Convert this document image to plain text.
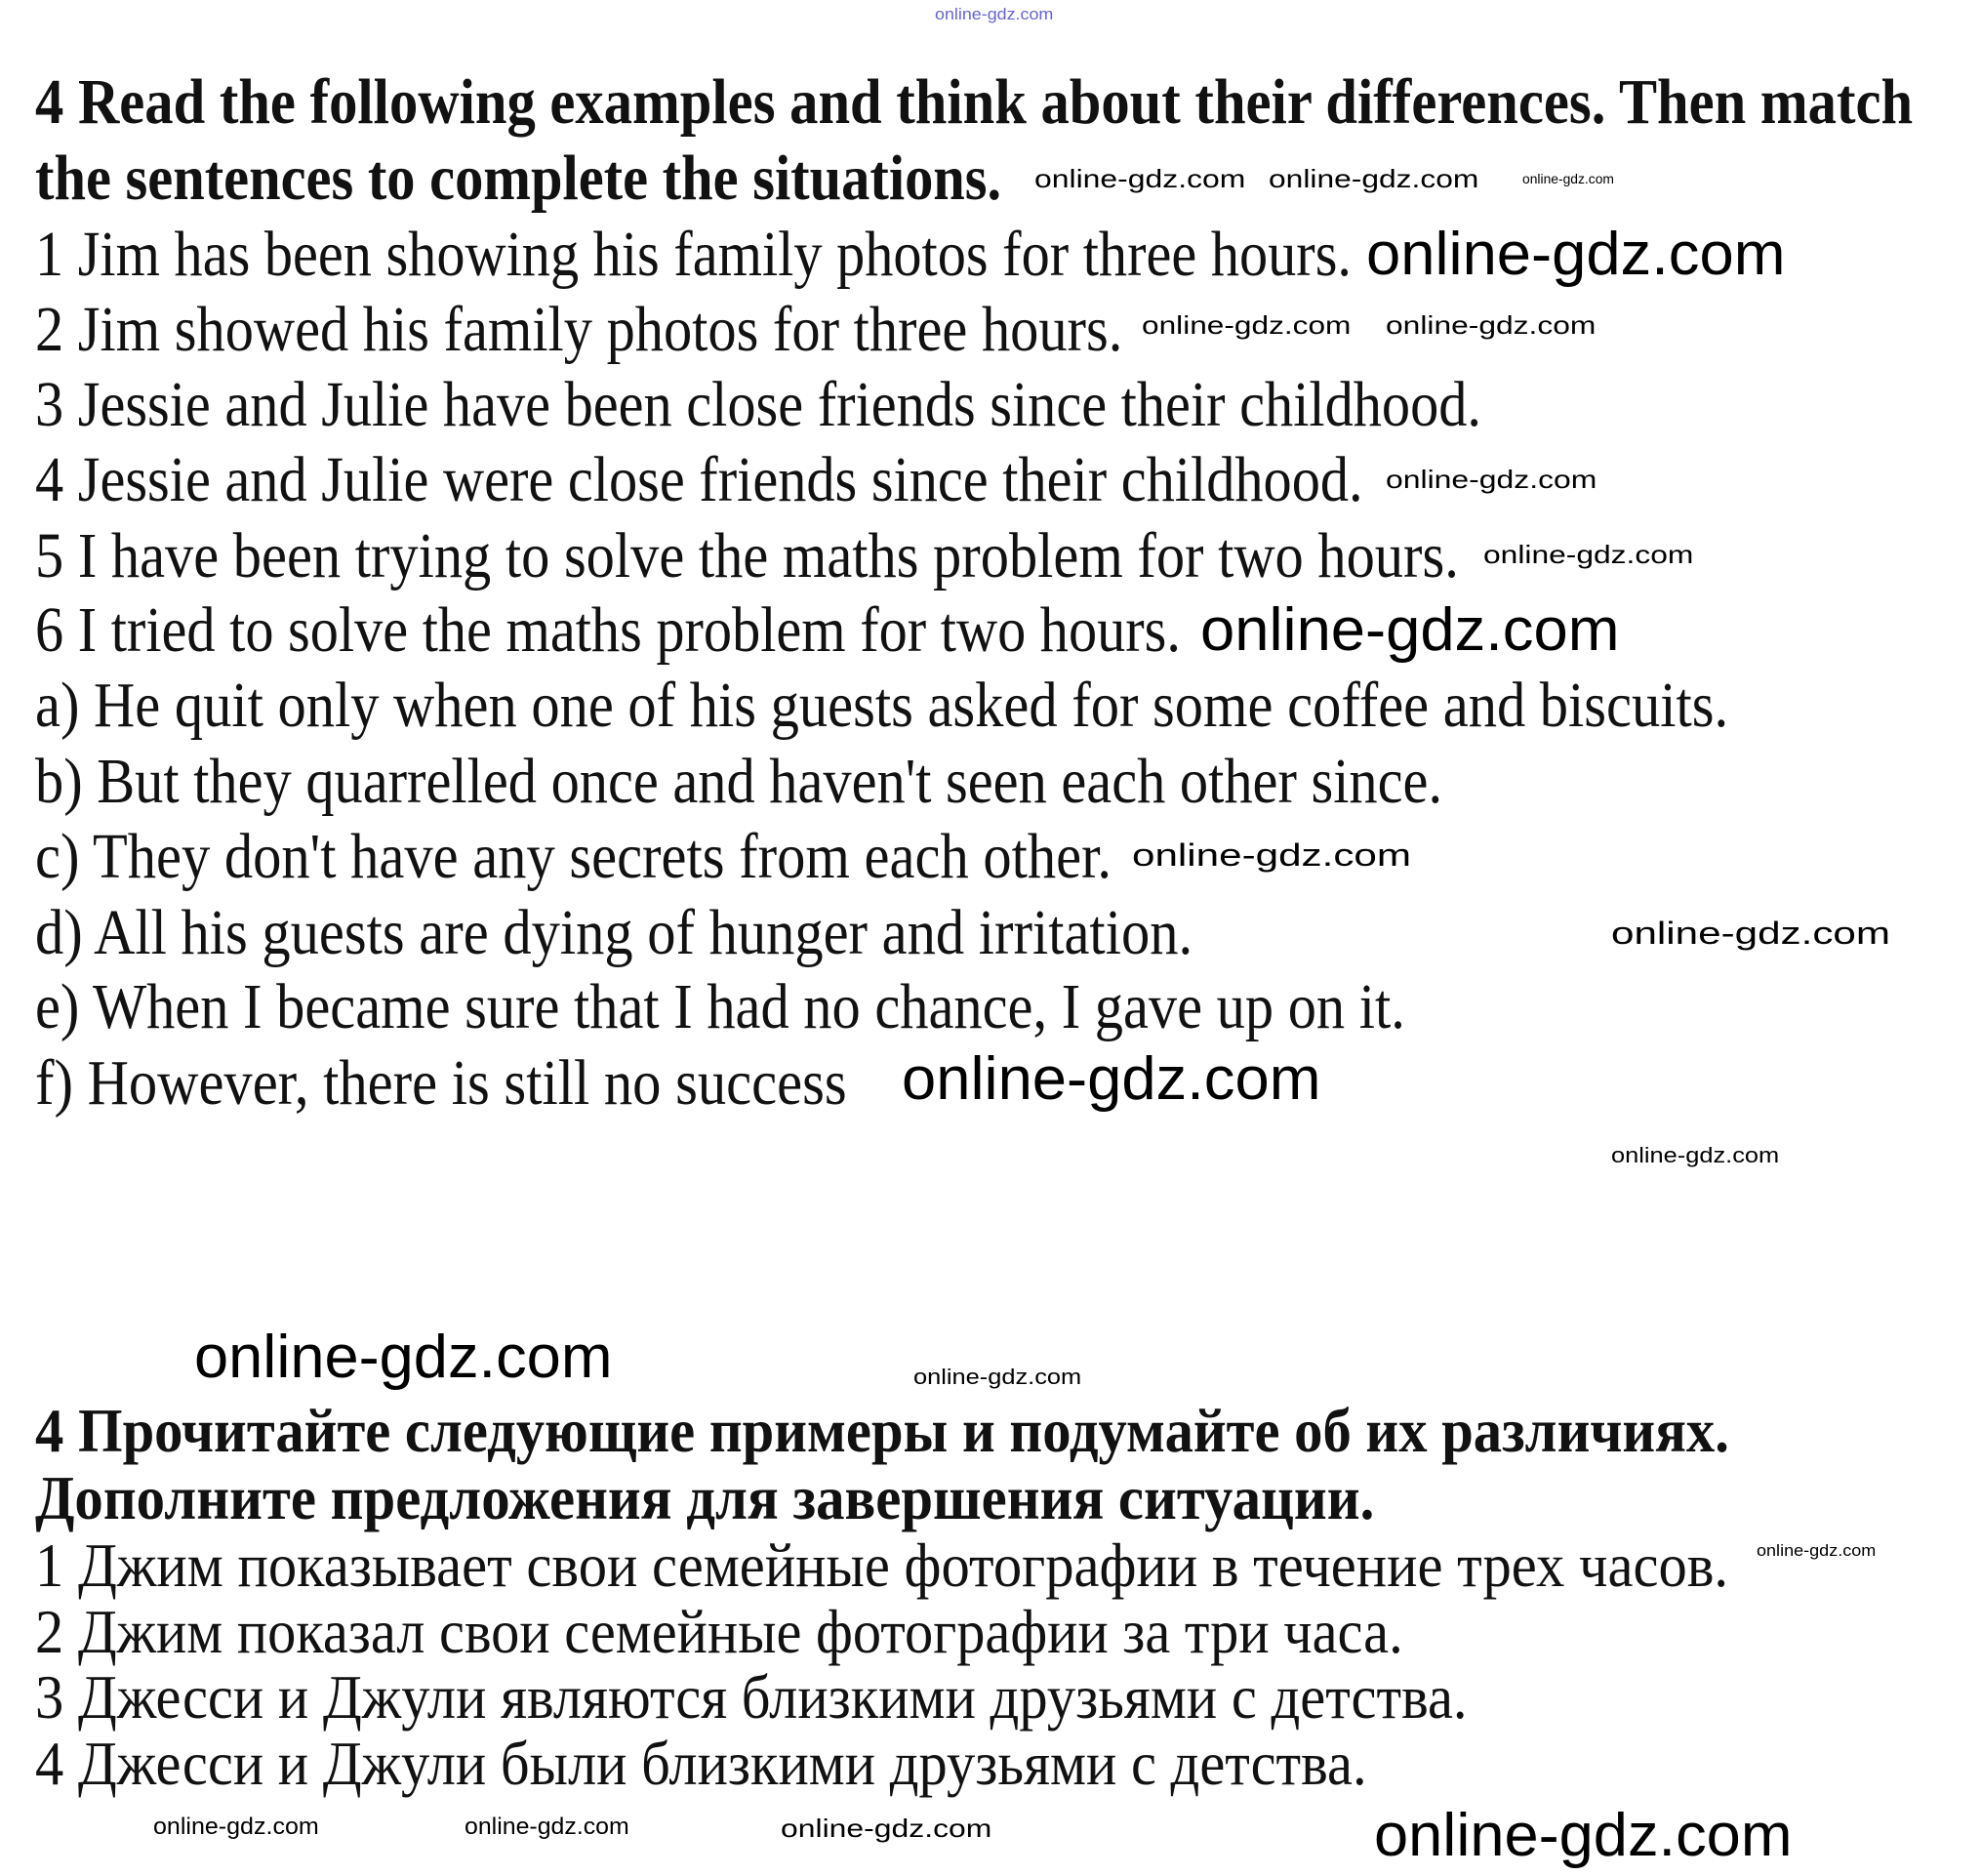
online-gdz.com
4 Read the following examples and think about their differences. Then match
the sentences to complete the situations.
1 Jim has been showing his family photos for three hours.
2 Jim showed his family photos for three hours.
3 Jessie and Julie have been close friends since their childhood.
4 Jessie and Julie were close friends since their childhood.
5 I have been trying to solve the maths problem for two hours.
6 I tried to solve the maths problem for two hours.
a) He quit only when one of his guests asked for some coffee and biscuits.
b) But they quarrelled once and haven't seen each other since.
c) They don't have any secrets from each other.
d) All his guests are dying of hunger and irritation.
e) When I became sure that I had no chance, I gave up on it.
f) However, there is still no success
4 Прочитайте следующие примеры и подумайте об их различиях.
Дополните предложения для завершения ситуации.
1 Джим показывает свои семейные фотографии в течение трех часов.
2 Джим показал свои семейные фотографии за три часа.
3 Джесси и Джули являются близкими друзьями с детства.
4 Джесси и Джули были близкими друзьями с детства.
online-gdz.com online-gdz.com	online-gdz.com
online-gdz.com
online-gdz.com online-gdz.com
online-gdz.com
online-gdz.com
online-gdz.com
online-gdz.com
online-gdz.com
online-gdz.com
online-gdz.com
online-gdz.com	online-gdz.com
online-gdz.com
online-gdz.com
online-gdz.com	online-gdz.com	online-gdz.com
